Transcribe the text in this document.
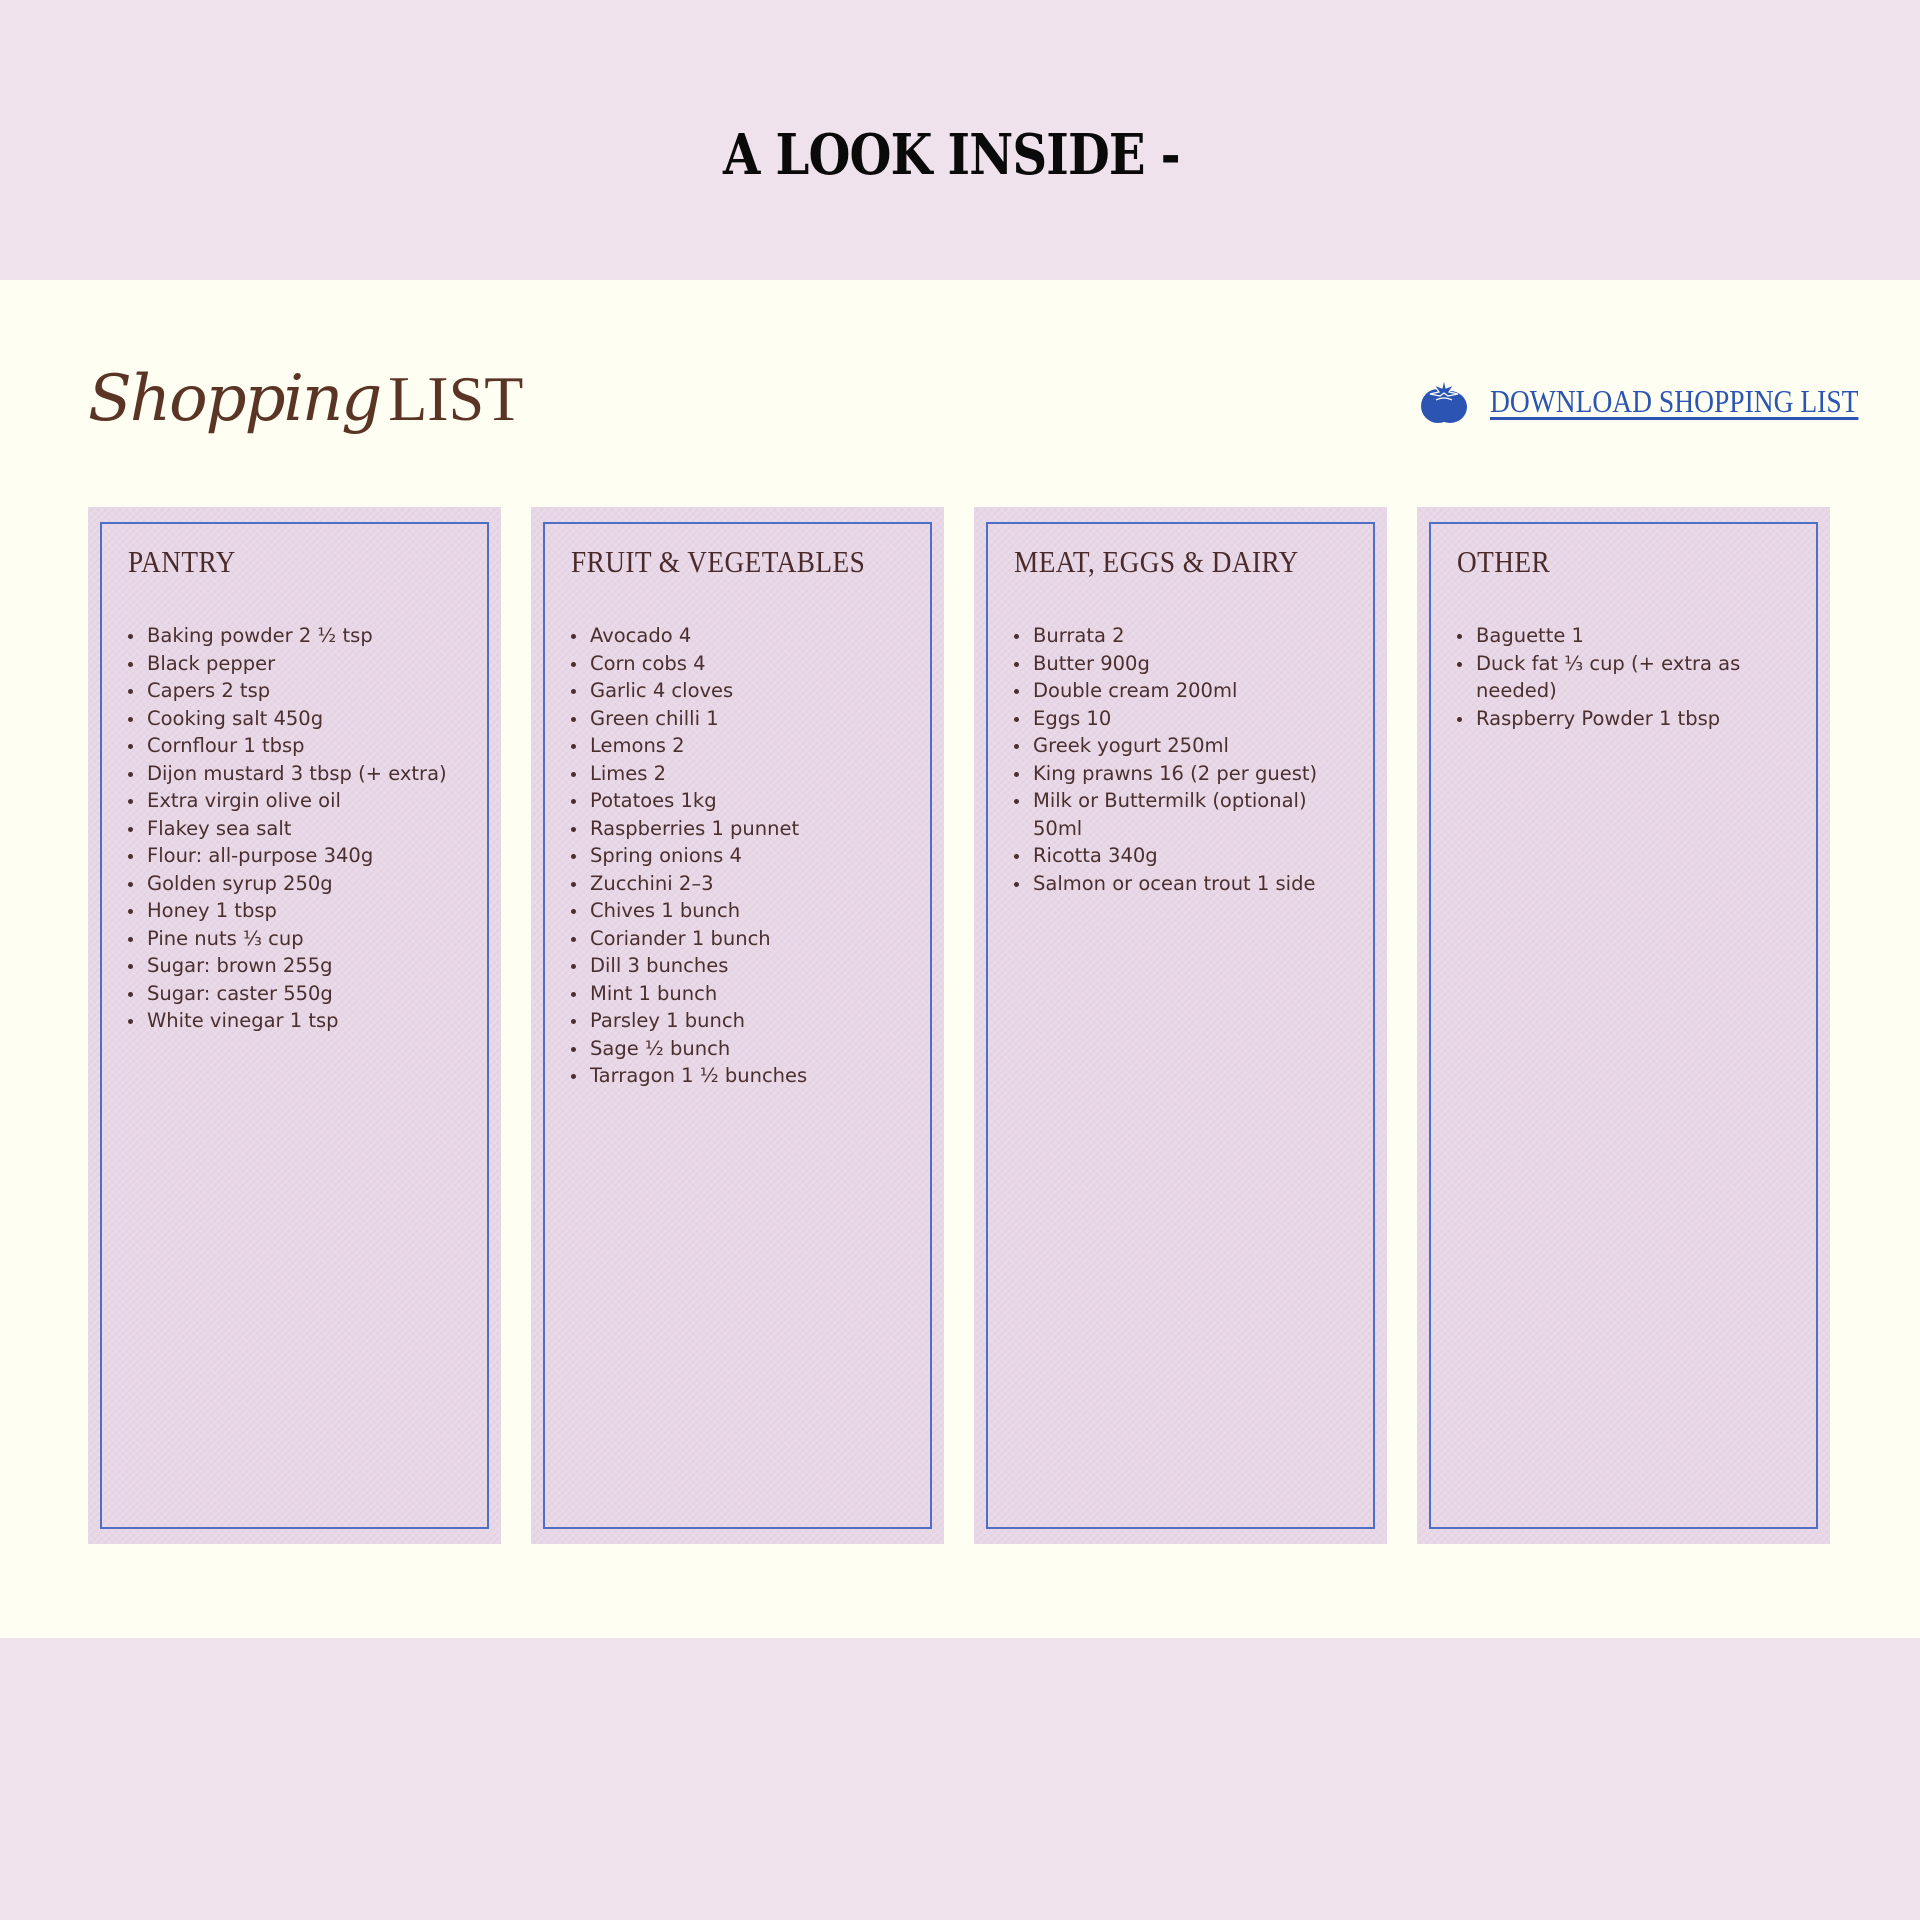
A LOOK INSIDE -
Shopping LIST	DOWNLOAD SHOPPING LIST
PANTRY
Baking powder 2 ½ tsp
Black pepper
Capers 2 tsp
Cooking salt 450g
Cornflour 1 tbsp
Dijon mustard 3 tbsp (+ extra)
Extra virgin olive oil
Flakey sea salt
Flour: all-purpose 340g
Golden syrup 250g
Honey 1 tbsp
Pine nuts ⅓ cup
Sugar: brown 255g
Sugar: caster 550g
White vinegar 1 tsp
FRUIT & VEGETABLES
Avocado 4
Corn cobs 4
Garlic 4 cloves
Green chilli 1
Lemons 2
Limes 2
Potatoes 1kg
Raspberries 1 punnet
Spring onions 4
Zucchini 2–3
Chives 1 bunch
Coriander 1 bunch
Dill 3 bunches
Mint 1 bunch
Parsley 1 bunch
Sage ½ bunch
Tarragon 1 ½ bunches
MEAT, EGGS & DAIRY
Burrata 2
Butter 900g
Double cream 200ml
Eggs 10
Greek yogurt 250ml
King prawns 16 (2 per guest)
Milk or Buttermilk (optional) 50ml
Ricotta 340g
Salmon or ocean trout 1 side
OTHER
Baguette 1
Duck fat ⅓ cup (+ extra as needed)
Raspberry Powder 1 tbsp
